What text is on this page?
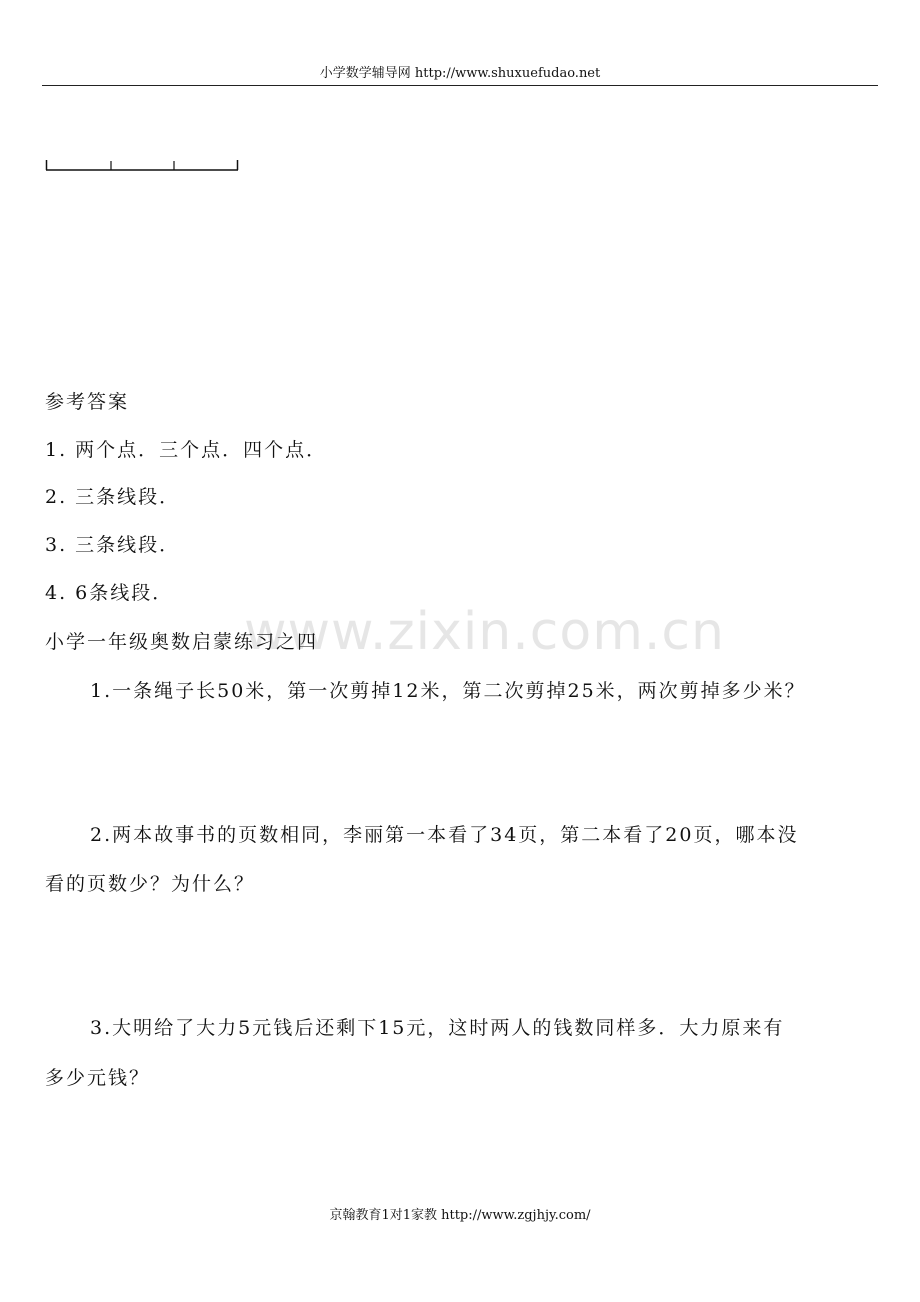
小学数学辅导网 http://www.shuxuefudao.net
www.zixin.com.cn
参考答案
1. 两个点．三个点．四个点．
2. 三条线段．
3. 三条线段．
4. 6条线段．
小学一年级奥数启蒙练习之四
1.一条绳子长50米，第一次剪掉12米，第二次剪掉25米，两次剪掉多少米？
2.两本故事书的页数相同，李丽第一本看了34页，第二本看了20页，哪本没
看的页数少？为什么？
3.大明给了大力5元钱后还剩下15元，这时两人的钱数同样多．大力原来有
多少元钱？
京翰教育1对1家教 http://www.zgjhjy.com/
